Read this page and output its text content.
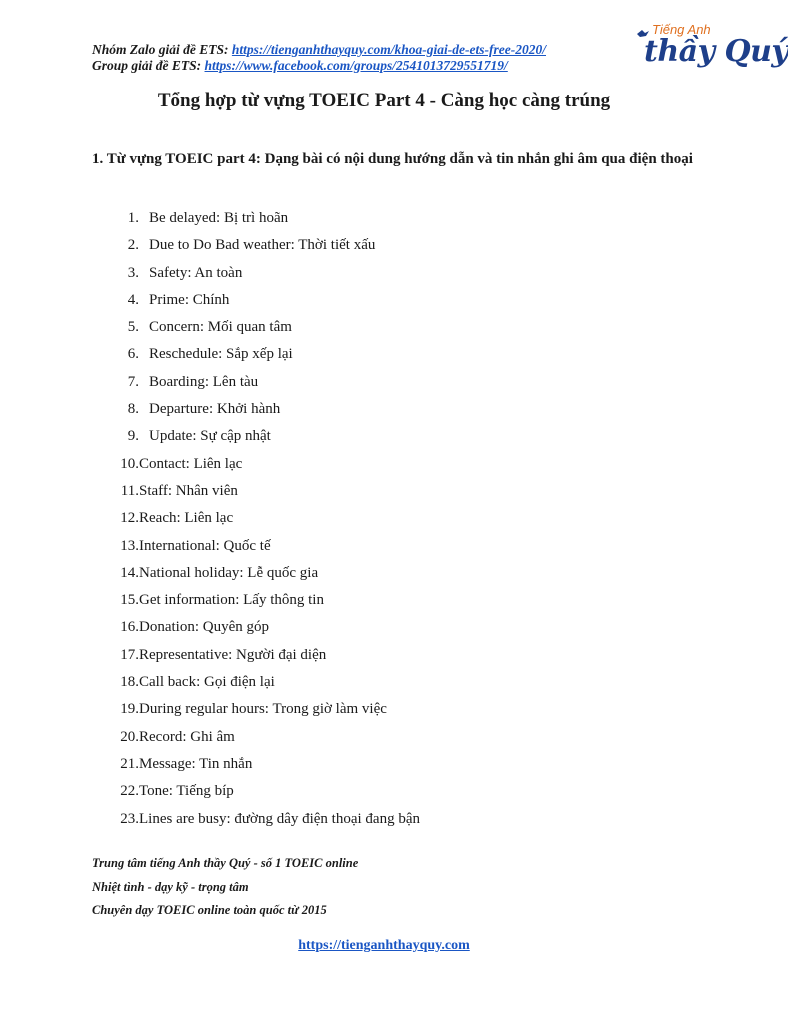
Nhóm Zalo giải đề ETS: https://tienganhthayquy.com/khoa-giai-de-ets-free-2020/
Group giải đề ETS: https://www.facebook.com/groups/2541013729551719/
Tiếng Anh
thầy Quý
Tổng hợp từ vựng TOEIC Part 4 - Càng học càng trúng
1. Từ vựng TOEIC part 4: Dạng bài có nội dung hướng dẫn và tin nhắn ghi âm qua điện thoại
1. Be delayed: Bị trì hoãn
2. Due to Do Bad weather: Thời tiết xấu
3. Safety: An toàn
4. Prime: Chính
5. Concern: Mối quan tâm
6. Reschedule: Sắp xếp lại
7. Boarding: Lên tàu
8. Departure: Khởi hành
9. Update: Sự cập nhật
10. Contact: Liên lạc
11. Staff: Nhân viên
12. Reach: Liên lạc
13. International: Quốc tế
14. National holiday: Lễ quốc gia
15. Get information: Lấy thông tin
16. Donation: Quyên góp
17. Representative: Người đại diện
18. Call back: Gọi điện lại
19. During regular hours: Trong giờ làm việc
20. Record: Ghi âm
21. Message: Tin nhắn
22. Tone: Tiếng bíp
23. Lines are busy: đường dây điện thoại đang bận
Trung tâm tiếng Anh thầy Quý - số 1 TOEIC online
Nhiệt tình - dạy kỹ - trọng tâm
Chuyên dạy TOEIC online toàn quốc từ 2015
https://tienganhthayquy.com
